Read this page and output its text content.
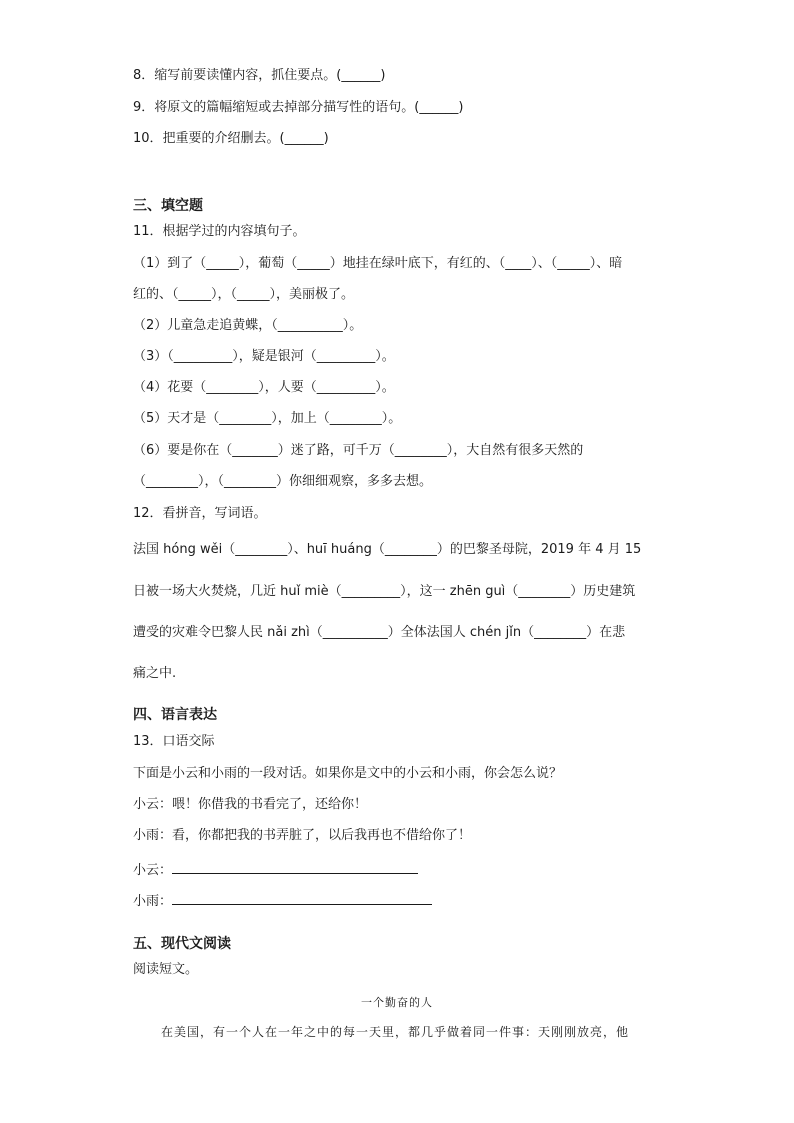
8．缩写前要读懂内容，抓住要点。(______)
9．将原文的篇幅缩短或去掉部分描写性的语句。(______)
10．把重要的介绍删去。(______)
三、填空题
11．根据学过的内容填句子。
（1）到了（_____），葡萄（_____）地挂在绿叶底下，有红的、（____）、（_____）、暗
红的、（_____），（_____），美丽极了。
（2）儿童急走追黄蝶，（__________）。
（3）（_________），疑是银河（_________）。
（4）花要（________），人要（_________）。
（5）天才是（________），加上（________）。
（6）要是你在（_______）迷了路，可千万（________），大自然有很多天然的
（________），（________）你细细观察，多多去想。
12．看拼音，写词语。
法国 hóng wěi（________）、huī huáng（________）的巴黎圣母院，2019 年 4 月 15
日被一场大火焚烧，几近 huǐ miè（_________），这一 zhēn guì（________）历史建筑
遭受的灾难令巴黎人民 nǎi zhì（__________）全体法国人 chén jǐn（________）在悲
痛之中.
四、语言表达
13．口语交际
下面是小云和小雨的一段对话。如果你是文中的小云和小雨，你会怎么说？
小云：喂！你借我的书看完了，还给你！
小雨：看，你都把我的书弄脏了，以后我再也不借给你了！
小云：
小雨：
五、现代文阅读
阅读短文。
一个勤奋的人
在美国，有一个人在一年之中的每一天里，都几乎做着同一件事：天刚刚放亮，他
